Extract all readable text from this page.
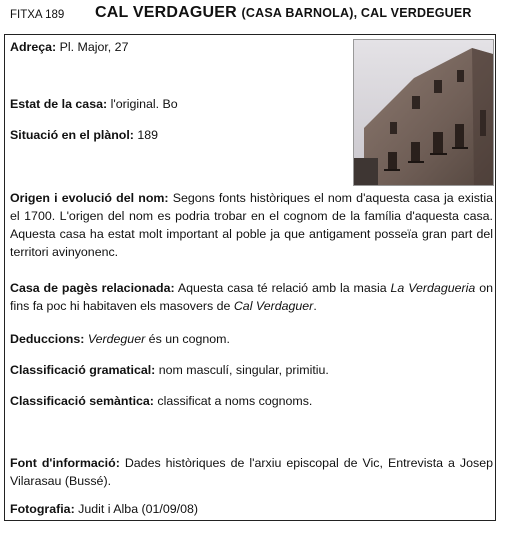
FITXA 189 CAL VERDAGUER (CASA BARNOLA), CAL VERDEGUER
Adreça: Pl. Major, 27
Estat de la casa: l'original. Bo
Situació en el plànol: 189
Origen i evolució del nom: Segons fonts històriques el nom d'aquesta casa ja existia el 1700. L'origen del nom es podria trobar en el cognom de la família d'aquesta casa. Aquesta casa ha estat molt important al poble ja que antigament posseïa gran part del territori avinyonenc.
Casa de pagès relacionada: Aquesta casa té relació amb la masia La Verdagueria on fins fa poc hi habitaven els masovers de Cal Verdaguer.
Deduccions: Verdeguer és un cognom.
Classificació gramatical: nom masculí, singular, primitiu.
Classificació semàntica: classificat a noms cognoms.
Font d'informació: Dades històriques de l'arxiu episcopal de Vic, Entrevista a Josep Vilarasau (Bussé).
Fotografia: Judit i Alba (01/09/08)
